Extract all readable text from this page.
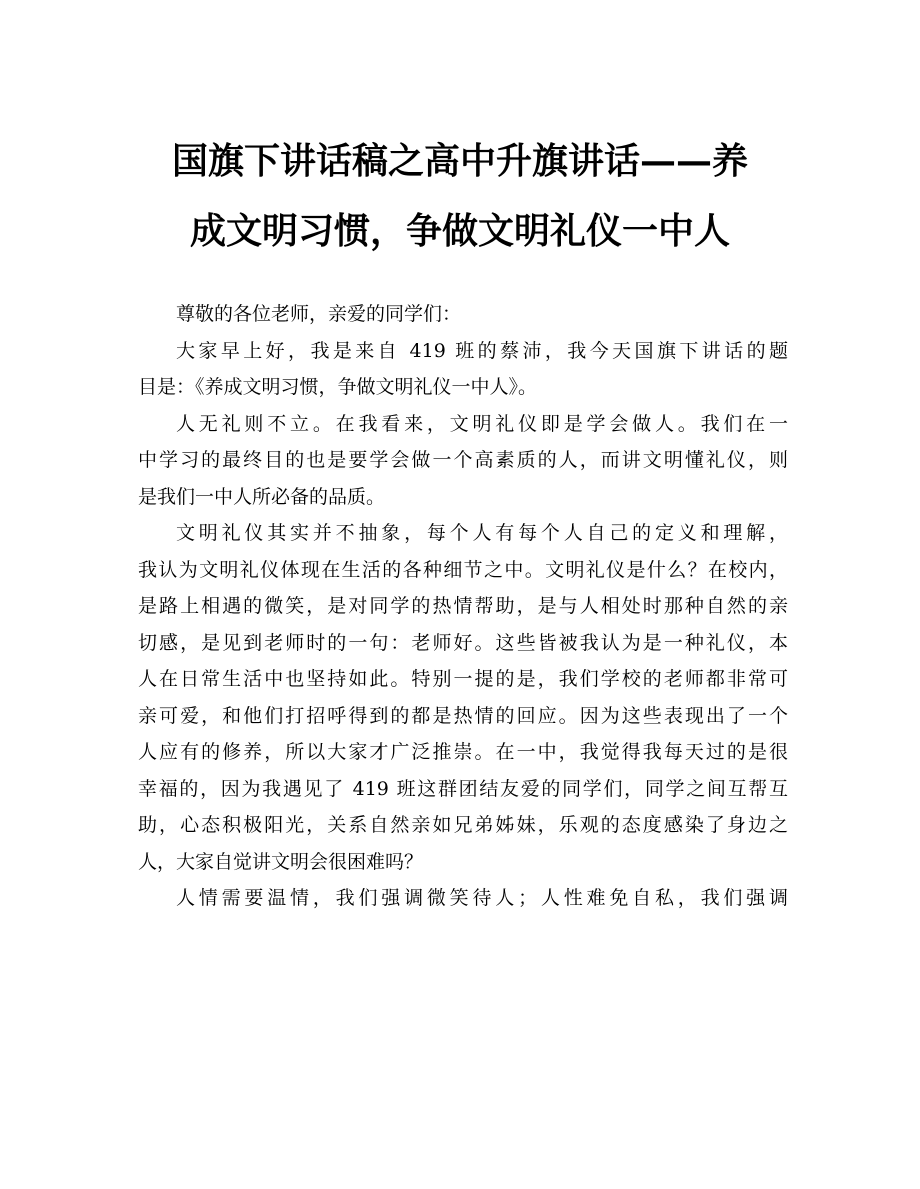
国旗下讲话稿之高中升旗讲话——养
成文明习惯，争做文明礼仪一中人
尊敬的各位老师，亲爱的同学们：
大家早上好，我是来自 419 班的蔡沛，我今天国旗下讲话的题
目是：《养成文明习惯，争做文明礼仪一中人》。
人无礼则不立。在我看来，文明礼仪即是学会做人。我们在一
中学习的最终目的也是要学会做一个高素质的人，而讲文明懂礼仪，则
是我们一中人所必备的品质。
文明礼仪其实并不抽象，每个人有每个人自己的定义和理解，
我认为文明礼仪体现在生活的各种细节之中。文明礼仪是什么？在校内，
是路上相遇的微笑，是对同学的热情帮助，是与人相处时那种自然的亲
切感，是见到老师时的一句：老师好。这些皆被我认为是一种礼仪，本
人在日常生活中也坚持如此。特别一提的是，我们学校的老师都非常可
亲可爱，和他们打招呼得到的都是热情的回应。因为这些表现出了一个
人应有的修养，所以大家才广泛推崇。在一中，我觉得我每天过的是很
幸福的，因为我遇见了 419 班这群团结友爱的同学们，同学之间互帮互
助，心态积极阳光，关系自然亲如兄弟姊妹，乐观的态度感染了身边之
人，大家自觉讲文明会很困难吗？
人情需要温情，我们强调微笑待人；人性难免自私，我们强调
